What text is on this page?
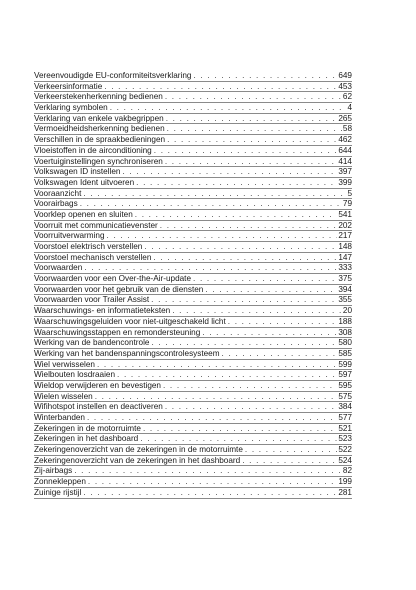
Vereenvoudigde EU-conformiteitsverklaring . . .	649
Verkeersinformatie . . .	453
Verkeerstekenherkenning bedienen . . .	62
Verklaring symbolen . . .	4
Verklaring van enkele vakbegrippen . . .	265
Vermoeidheidsherkenning bedienen . . .	58
Verschillen in de spraakbedieningen . . .	462
Vloeistoffen in de airconditioning . . .	644
Voertuiginstellingen synchroniseren . . .	414
Volkswagen ID instellen . . .	397
Volkswagen Ident uitvoeren . . .	399
Vooraanzicht . . .	5
Voorairbags . . .	79
Voorklep openen en sluiten . . .	541
Voorruit met communicatievenster . . .	202
Voorruitverwarming . . .	217
Voorstoel elektrisch verstellen . . .	148
Voorstoel mechanisch verstellen . . .	147
Voorwaarden . . .	333
Voorwaarden voor een Over-the-Air-update . . .	375
Voorwaarden voor het gebruik van de diensten . . .	394
Voorwaarden voor Trailer Assist . . .	355
Waarschuwings- en informatieteksten . . .	20
Waarschuwingsgeluiden voor niet-uitgeschakeld licht . . .	188
Waarschuwingsstappen en remondersteuning . . .	308
Werking van de bandencontrole . . .	580
Werking van het bandenspanningscontrolesysteem . . .	585
Wiel verwisselen . . .	599
Wielbouten losdraaien . . .	597
Wieldop verwijderen en bevestigen . . .	595
Wielen wisselen . . .	575
Wifihotspot instellen en deactiveren . . .	384
Winterbanden . . .	577
Zekeringen in de motorruimte . . .	521
Zekeringen in het dashboard . . .	523
Zekeringenoverzicht van de zekeringen in de motorruimte . . .	522
Zekeringenoverzicht van de zekeringen in het dashboard . . .	524
Zij-airbags . . .	82
Zonnekleppen . . .	199
Zuinige rijstijl . . .	281
